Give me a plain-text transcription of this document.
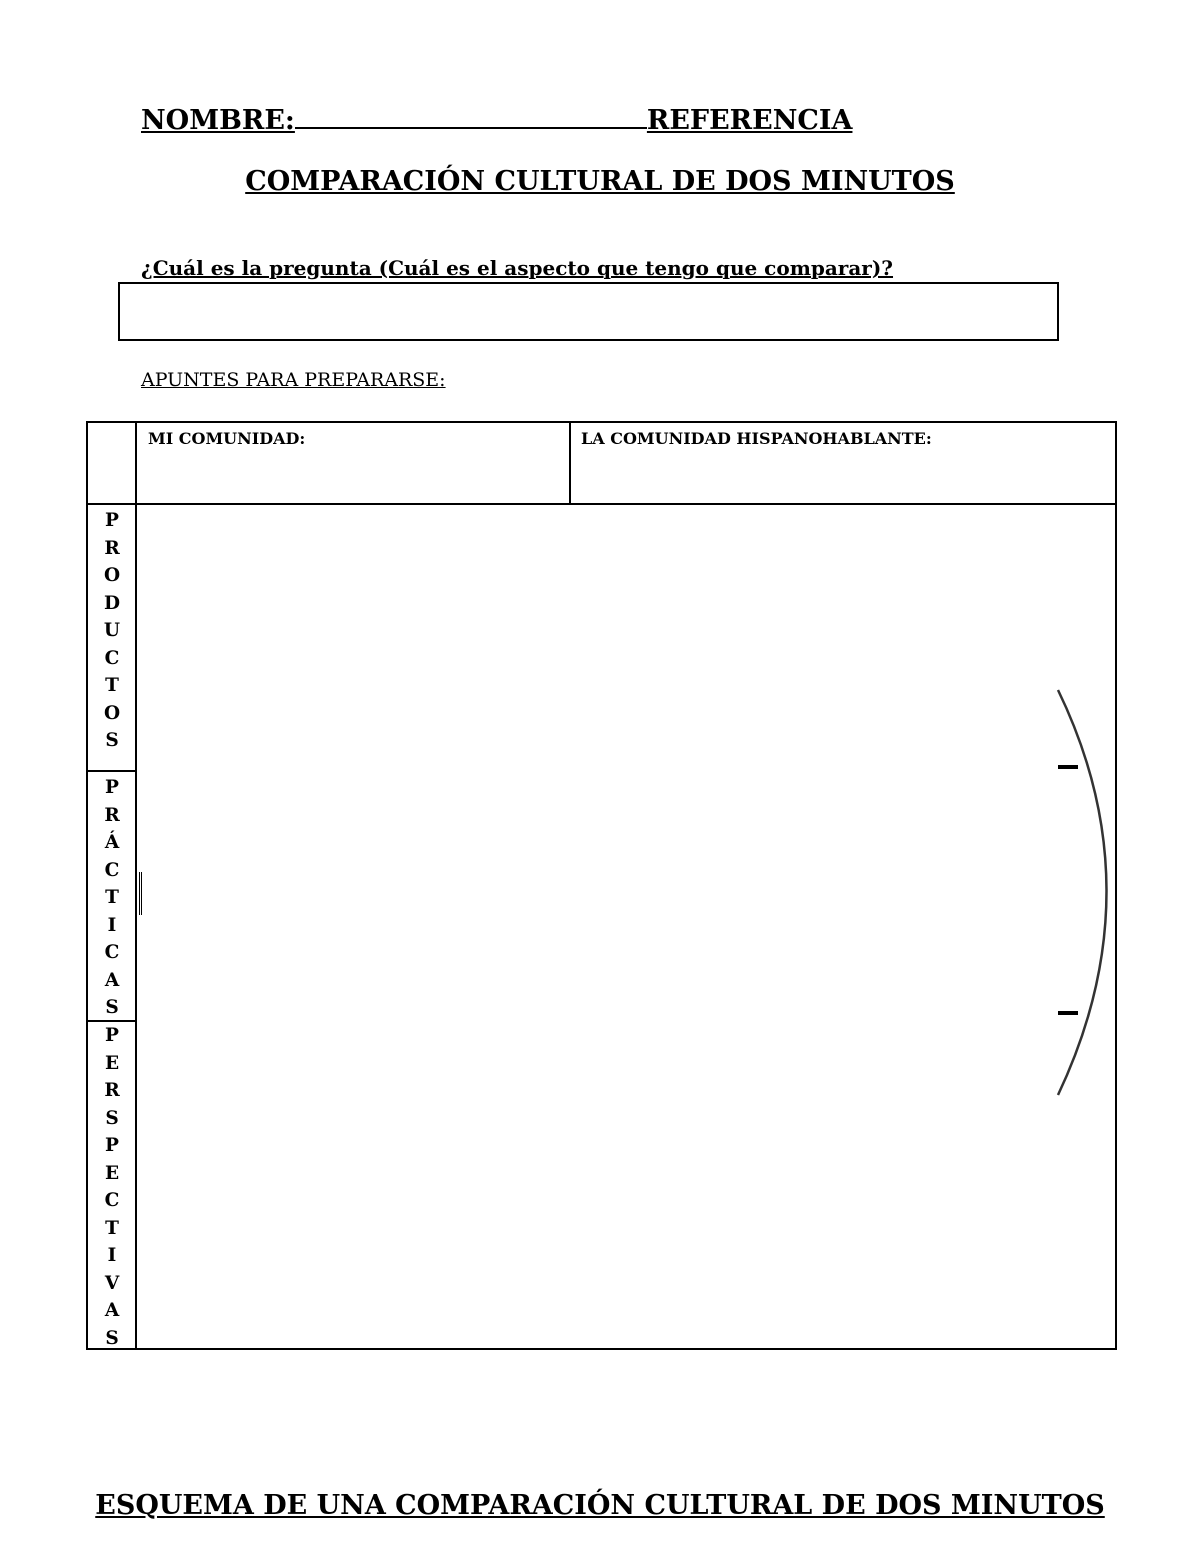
NOMBRE:	REFERENCIA
COMPARACIÓN CULTURAL DE DOS MINUTOS
¿Cuál es la pregunta (Cuál es el aspecto que tengo que comparar)?
APUNTES PARA PREPARARSE:
MI COMUNIDAD:	LA COMUNIDAD HISPANOHABLANTE:
P
R
O
D
U
C
T
O
S
P
R
Á
C
T
I
C
A
S
P
E
R
S
P
E
C
T
I
V
A
S
ESQUEMA DE UNA COMPARACIÓN CULTURAL DE DOS MINUTOS
